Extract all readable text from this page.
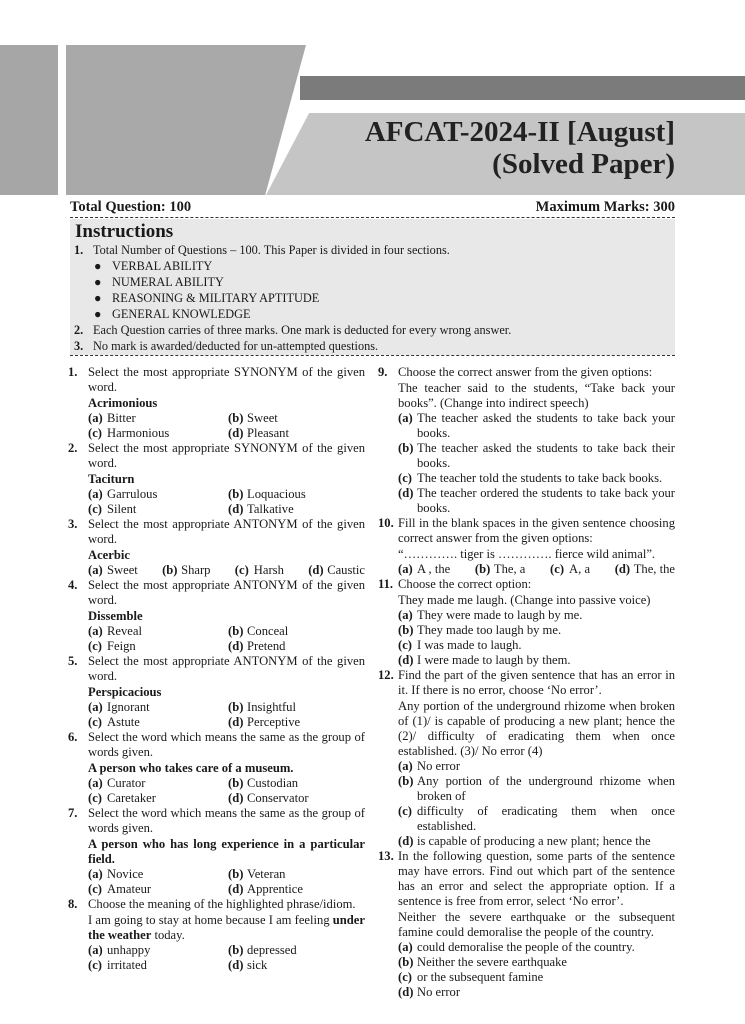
AFCAT-2024-II [August]
(Solved Paper)
Total Question: 100	Maximum Marks: 300
Instructions
1. Total Number of Questions – 100. This Paper is divided in four sections.
● VERBAL ABILITY
● NUMERAL ABILITY
● REASONING & MILITARY APTITUDE
● GENERAL KNOWLEDGE
2. Each Question carries of three marks. One mark is deducted for every wrong answer.
3. No mark is awarded/deducted for un-attempted questions.
1. Select the most appropriate SYNONYM of the given word.
Acrimonious
(a) Bitter	(b) Sweet
(c) Harmonious	(d) Pleasant
2. Select the most appropriate SYNONYM of the given word.
Taciturn
(a) Garrulous	(b) Loquacious
(c) Silent	(d) Talkative
3. Select the most appropriate ANTONYM of the given word.
Acerbic
(a) Sweet (b) Sharp (c) Harsh (d) Caustic
4. Select the most appropriate ANTONYM of the given word.
Dissemble
(a) Reveal	(b) Conceal
(c) Feign	(d) Pretend
5. Select the most appropriate ANTONYM of the given word.
Perspicacious
(a) Ignorant	(b) Insightful
(c) Astute	(d) Perceptive
6. Select the word which means the same as the group of words given.
A person who takes care of a museum.
(a) Curator	(b) Custodian
(c) Caretaker	(d) Conservator
7. Select the word which means the same as the group of words given.
A person who has long experience in a particular field.
(a) Novice	(b) Veteran
(c) Amateur	(d) Apprentice
8. Choose the meaning of the highlighted phrase/idiom.
I am going to stay at home because I am feeling under the weather today.
(a) unhappy	(b) depressed
(c) irritated	(d) sick
9. Choose the correct answer from the given options:
The teacher said to the students, “Take back your books”. (Change into indirect speech)
(a) The teacher asked the students to take back your books.
(b) The teacher asked the students to take back their books.
(c) The teacher told the students to take back books.
(d) The teacher ordered the students to take back your books.
10. Fill in the blank spaces in the given sentence choosing correct answer from the given options:
“…………. tiger is …………. fierce wild animal”.
(a) A , the (b) The, a (c) A, a (d) The, the
11. Choose the correct option:
They made me laugh. (Change into passive voice)
(a) They were made to laugh by me.
(b) They made too laugh by me.
(c) I was made to laugh.
(d) I were made to laugh by them.
12. Find the part of the given sentence that has an error in it. If there is no error, choose ‘No error’.
Any portion of the underground rhizome when broken of (1)/ is capable of producing a new plant; hence the (2)/ difficulty of eradicating them when once established. (3)/ No error (4)
(a) No error
(b) Any portion of the underground rhizome when broken of
(c) difficulty of eradicating them when once established.
(d) is capable of producing a new plant; hence the
13. In the following question, some parts of the sentence may have errors. Find out which part of the sentence has an error and select the appropriate option. If a sentence is free from error, select ‘No error’.
Neither the severe earthquake or the subsequent famine could demoralise the people of the country.
(a) could demoralise the people of the country.
(b) Neither the severe earthquake
(c) or the subsequent famine
(d) No error
